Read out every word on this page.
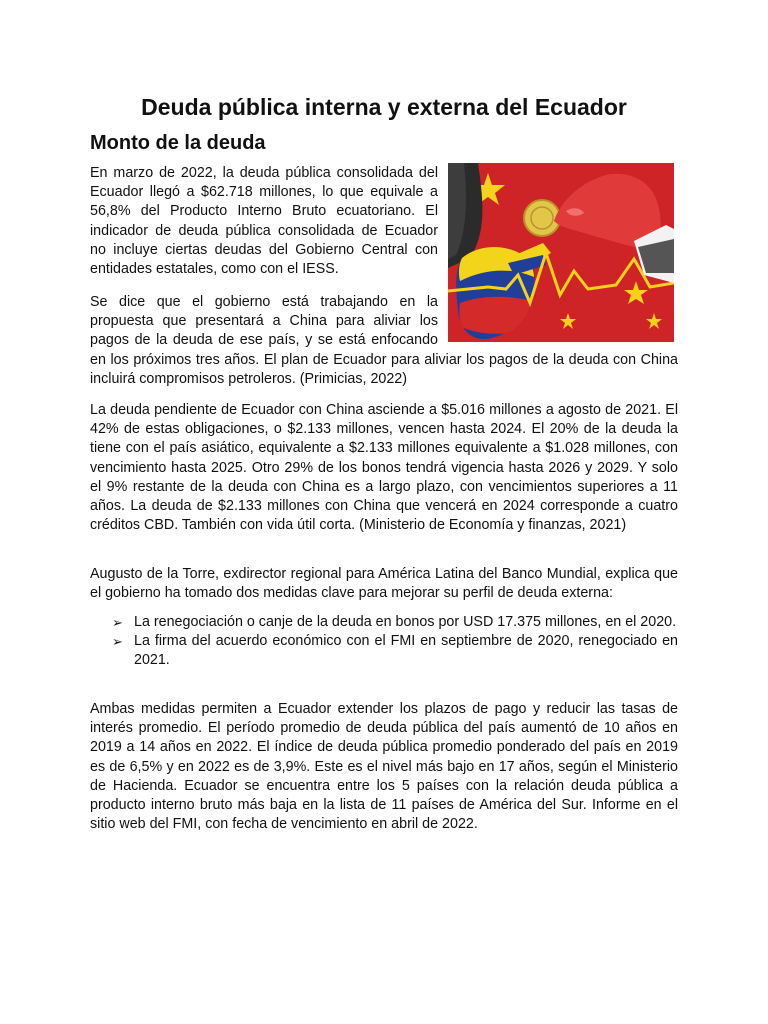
Deuda pública interna y externa del Ecuador
Monto de la deuda

En marzo de 2022, la deuda pública consolidada del Ecuador llegó a $62.718 millones, lo que equivale a 56,8% del Producto Interno Bruto ecuatoriano. El indicador de deuda pública consolidada de Ecuador no incluye ciertas deudas del Gobierno Central con entidades estatales, como con el IESS.

Se dice que el gobierno está trabajando en la
propuesta que presentará a China para aliviar los
pagos de la deuda de ese país, y se está enfocando
en los próximos tres años. El plan de Ecuador para aliviar los pagos de la deuda con China incluirá compromisos petroleros. (Primicias, 2022)

La deuda pendiente de Ecuador con China asciende a $5.016 millones a agosto de 2021. El 42% de estas obligaciones, o $2.133 millones, vencen hasta 2024. El 20% de la deuda la tiene con el país asiático, equivalente a $2.133 millones equivalente a $1.028 millones, con vencimiento hasta 2025. Otro 29% de los bonos tendrá vigencia hasta 2026 y 2029. Y solo el 9% restante de la deuda con China es a largo plazo, con vencimientos superiores a 11 años. La deuda de $2.133 millones con China que vencerá en 2024 corresponde a cuatro créditos CBD. También con vida útil corta. (Ministerio de Economía y finanzas, 2021)

Augusto de la Torre, exdirector regional para América Latina del Banco Mundial, explica que el gobierno ha tomado dos medidas clave para mejorar su perfil de deuda externa:

➢ La renegociación o canje de la deuda en bonos por USD 17.375 millones, en el 2020.
➢ La firma del acuerdo económico con el FMI en septiembre de 2020, renegociado en 2021.

Ambas medidas permiten a Ecuador extender los plazos de pago y reducir las tasas de interés promedio. El período promedio de deuda pública del país aumentó de 10 años en 2019 a 14 años en 2022. El índice de deuda pública promedio ponderado del país en 2019 es de 6,5% y en 2022 es de 3,9%. Este es el nivel más bajo en 17 años, según el Ministerio de Hacienda. Ecuador se encuentra entre los 5 países con la relación deuda pública a producto interno bruto más baja en la lista de 11 países de América del Sur. Informe en el sitio web del FMI, con fecha de vencimiento en abril de 2022.
